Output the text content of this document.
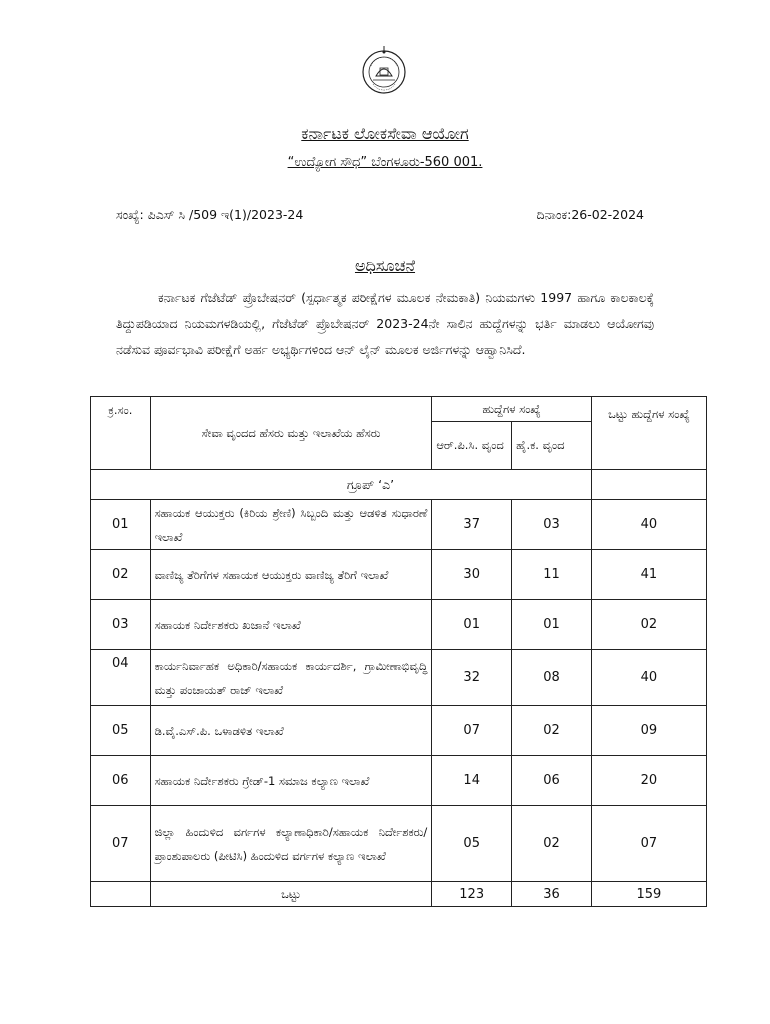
ಕರ್ನಾಟಕ ಲೋಕಸೇವಾ ಆಯೋಗ
“ಉದ್ಯೋಗ ಸೌಧ” ಬೆಂಗಳೂರು-560 001.
ಸಂಖ್ಯೆ: ಪಿಎಸ್ ಸಿ /509 ಇ(1)/2023-24	ದಿನಾಂಕ:26-02-2024
ಅಧಿಸೂಚನೆ
ಕರ್ನಾಟಕ ಗೆಜೆಟೆಡ್ ಪ್ರೊಬೇಷನರ್ (ಸ್ಪರ್ಧಾತ್ಮಕ ಪರೀಕ್ಷೆಗಳ ಮೂಲಕ ನೇಮಕಾತಿ) ನಿಯಮಗಳು 1997 ಹಾಗೂ ಕಾಲಕಾಲಕ್ಕೆ ತಿದ್ದುಪಡಿಯಾದ ನಿಯಮಗಳಡಿಯಲ್ಲಿ, ಗೆಜೆಟೆಡ್ ಪ್ರೊಬೇಷನರ್ 2023-24ನೇ ಸಾಲಿನ ಹುದ್ದೆಗಳನ್ನು ಭರ್ತಿ ಮಾಡಲು ಆಯೋಗವು ನಡೆಸುವ ಪೂರ್ವಭಾವಿ ಪರೀಕ್ಷೆಗೆ ಅರ್ಹ ಅಭ್ಯರ್ಥಿಗಳಿಂದ ಆನ್ ಲೈನ್ ಮೂಲಕ ಅರ್ಜಿಗಳನ್ನು ಆಹ್ವಾನಿಸಿದೆ.
ಕ್ರ.ಸಂ.	ಸೇವಾ ವೃಂದದ ಹೆಸರು ಮತ್ತು ಇಲಾಖೆಯ ಹೆಸರು	ಹುದ್ದೆಗಳ ಸಂಖ್ಯೆ		ಒಟ್ಟು ಹುದ್ದೆಗಳ ಸಂಖ್ಯೆ
		ಆರ್.ಪಿ.ಸಿ. ವೃಂದ	ಹೈ.ಕ. ವೃಂದ	
	ಗ್ರೂಪ್ ‘ಎ’			
01	ಸಹಾಯಕ ಆಯುಕ್ತರು (ಕಿರಿಯ ಶ್ರೇಣಿ) ಸಿಬ್ಬಂದಿ ಮತ್ತು ಆಡಳಿತ ಸುಧಾರಣೆ ಇಲಾಖೆ	37	03	40
02	ವಾಣಿಜ್ಯ ತೆರಿಗೆಗಳ ಸಹಾಯಕ ಆಯುಕ್ತರು ವಾಣಿಜ್ಯ ತೆರಿಗೆ ಇಲಾಖೆ	30	11	41
03	ಸಹಾಯಕ ನಿರ್ದೇಶಕರು ಖಜಾನೆ ಇಲಾಖೆ	01	01	02
04	ಕಾರ್ಯನಿರ್ವಾಹಕ ಅಧಿಕಾರಿ/ಸಹಾಯಕ ಕಾರ್ಯದರ್ಶಿ, ಗ್ರಾಮೀಣಾಭಿವೃದ್ಧಿ ಮತ್ತು ಪಂಚಾಯತ್ ರಾಜ್ ಇಲಾಖೆ	32	08	40
05	ಡಿ.ವೈ.ಎಸ್.ಪಿ. ಒಳಾಡಳಿತ ಇಲಾಖೆ	07	02	09
06	ಸಹಾಯಕ ನಿರ್ದೇಶಕರು ಗ್ರೇಡ್-1 ಸಮಾಜ ಕಲ್ಯಾಣ ಇಲಾಖೆ	14	06	20
07	ಜಿಲ್ಲಾ ಹಿಂದುಳಿದ ವರ್ಗಗಳ ಕಲ್ಯಾಣಾಧಿಕಾರಿ/ಸಹಾಯಕ ನಿರ್ದೇಶಕರು/ಪ್ರಾಂಶುಪಾಲರು (ಪೀಟಿಸಿ) ಹಿಂದುಳಿದ ವರ್ಗಗಳ ಕಲ್ಯಾಣ ಇಲಾಖೆ	05	02	07
	ಒಟ್ಟು	123	36	159
